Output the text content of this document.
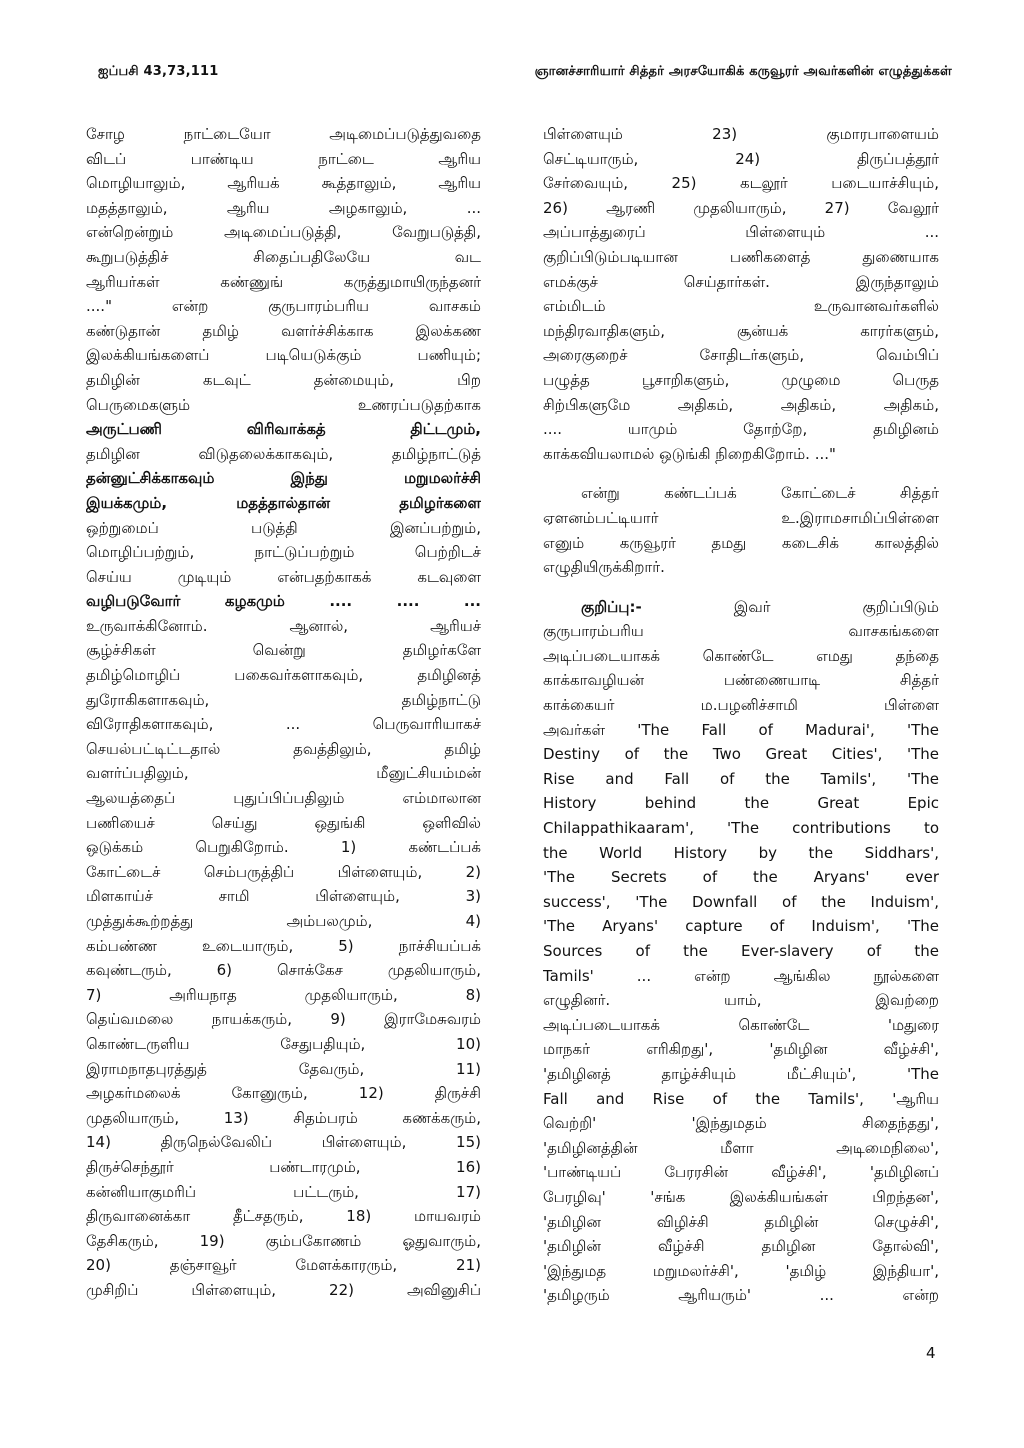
ஐப்பசி 43,73,111	ஞானச்சாரியார் சித்தர் அரசயோகிக் கருவூரர் அவர்களின் எழுத்துக்கள்

சோழ நாட்டையோ அடிமைப்படுத்துவதை

விடப் பாண்டிய நாட்டை ஆரிய

மொழியாலும், ஆரியக் கூத்தாலும், ஆரிய

மதத்தாலும், ஆரிய அழகாலும், ...

என்றென்றும் அடிமைப்படுத்தி, வேறுபடுத்தி,

கூறுபடுத்திச் சிதைப்பதிலேயே வட

ஆரியர்கள் கண்ணுங் கருத்துமாயிருந்தனர்

...." என்ற குருபாரம்பரிய வாசகம்

கண்டுதான் தமிழ் வளர்ச்சிக்காக இலக்கண

இலக்கியங்களைப் படியெடுக்கும் பணியும்;

தமிழின் கடவுட் தன்மையும், பிற

பெருமைகளும் உணரப்படுதற்காக

அருட்பணி விரிவாக்கத் திட்டமும்,

தமிழின விடுதலைக்காகவும், தமிழ்நாட்டுத்

தன்னுட்சிக்காகவும் இந்து மறுமலர்ச்சி

இயக்கமும், மதத்தால்தான் தமிழர்களை

ஒற்றுமைப் படுத்தி இனப்பற்றும்,

மொழிப்பற்றும், நாட்டுப்பற்றும் பெற்றிடச்

செய்ய முடியும் என்பதற்காகக் கடவுளை

வழிபடுவோர் கழகமும் .... .... ...

உருவாக்கினோம். ஆனால், ஆரியச்

சூழ்ச்சிகள் வென்று தமிழர்களே

தமிழ்மொழிப் பகைவர்களாகவும், தமிழினத்

துரோகிகளாகவும், தமிழ்நாட்டு

விரோதிகளாகவும், ... பெருவாரியாகச்

செயல்பட்டிட்டதால் தவத்திலும், தமிழ்

வளர்ப்பதிலும், மீனுட்சியம்மன்

ஆலயத்தைப் புதுப்பிப்பதிலும் எம்மாலான

பணியைச் செய்து ஒதுங்கி ஒளிவில்

ஒடுக்கம் பெறுகிறோம். 1) கண்டப்பக்

கோட்டைச் செம்பருத்திப் பிள்ளையும், 2)

மிளகாய்ச் சாமி பிள்ளையும், 3)

முத்துக்கூற்றத்து அம்பலமும், 4)

கம்பண்ண உடையாரும், 5) நாச்சியப்பக்

கவுண்டரும், 6) சொக்கேச முதலியாரும்,

7) அரியநாத முதலியாரும், 8)

தெய்வமலை நாயக்கரும், 9) இராமேசுவரம்

கொண்டருளிய சேதுபதியும், 10)

இராமநாதபுரத்துத் தேவரும், 11)

அழகர்மலைக் கோனுரும், 12) திருச்சி

முதலியாரும், 13) சிதம்பரம் கணக்கரும்,

14) திருநெல்வேலிப் பிள்ளையும், 15)

திருச்செந்தூர் பண்டாரமும், 16)

கன்னியாகுமரிப் பட்டரும், 17)

திருவானைக்கா தீட்சதரும், 18) மாயவரம்

தேசிகரும், 19) கும்பகோணம் ஓதுவாரும்,

20) தஞ்சாவூர் மேளக்காரரும், 21)

முசிறிப் பிள்ளையும், 22) அவினுசிப்

பிள்ளையும் 23) குமாரபாளையம்

செட்டியாரும், 24) திருப்பத்தூர்

சேர்வையும், 25) கடலூர் படையாச்சியும்,

26) ஆரணி முதலியாரும், 27) வேலூர்

அப்பாத்துரைப் பிள்ளையும் ...

குறிப்பிடும்படியான பணிகளைத் துணையாக

எமக்குச் செய்தார்கள். இருந்தாலும்

எம்மிடம் உருவானவர்களில்

மந்திரவாதிகளும், சூன்யக் காரர்களும்,

அரைகுறைச் சோதிடர்களும், வெம்பிப்

பழுத்த பூசாறிகளும், முழுமை பெருத

சிற்பிகளுமே அதிகம், அதிகம், அதிகம்,

.... யாமும் தோற்றே, தமிழினம்

காக்கவியலாமல் ஒடுங்கி நிறைகிறோம். ..."

என்று கண்டப்பக் கோட்டைச் சித்தர்

ஏளனம்பட்டியார் உ.இராமசாமிப்பிள்ளை

எனும் கருவூரர் தமது கடைசிக் காலத்தில்

எழுதியிருக்கிறார்.

குறிப்பு:- இவர் குறிப்பிடும்

குருபாரம்பரிய வாசகங்களை

அடிப்படையாகக் கொண்டே எமது தந்தை

காக்காவழியன் பண்ணையாடி சித்தர்

காக்கையர் ம.பழனிச்சாமி பிள்ளை

அவர்கள் 'The Fall of Madurai', 'The

Destiny of the Two Great Cities', 'The

Rise and Fall of the Tamils', 'The

History behind the Great Epic

Chilappathikaaram', 'The contributions to

the World History by the Siddhars',

'The Secrets of the Aryans' ever

success', 'The Downfall of the Induism',

'The Aryans' capture of Induism', 'The

Sources of the Ever-slavery of the

Tamils' ... என்ற ஆங்கில நூல்களை

எழுதினர். யாம், இவற்றை

அடிப்படையாகக் கொண்டே 'மதுரை

மாநகர் எரிகிறது', 'தமிழின வீழ்ச்சி',

'தமிழினத் தாழ்ச்சியும் மீட்சியும்', 'The

Fall and Rise of the Tamils', 'ஆரிய

வெற்றி' 'இந்துமதம் சிதைந்தது',

'தமிழினத்தின் மீளா அடிமைநிலை',

'பாண்டியப் பேரரசின் வீழ்ச்சி', 'தமிழினப்

பேரழிவு' 'சங்க இலக்கியங்கள் பிறந்தன',

'தமிழின விழிச்சி தமிழின் செழுச்சி',

'தமிழின் வீழ்ச்சி தமிழின தோல்வி',

'இந்துமத மறுமலர்ச்சி', 'தமிழ் இந்தியா',

'தமிழரும் ஆரியரும்' ... என்ற

4
